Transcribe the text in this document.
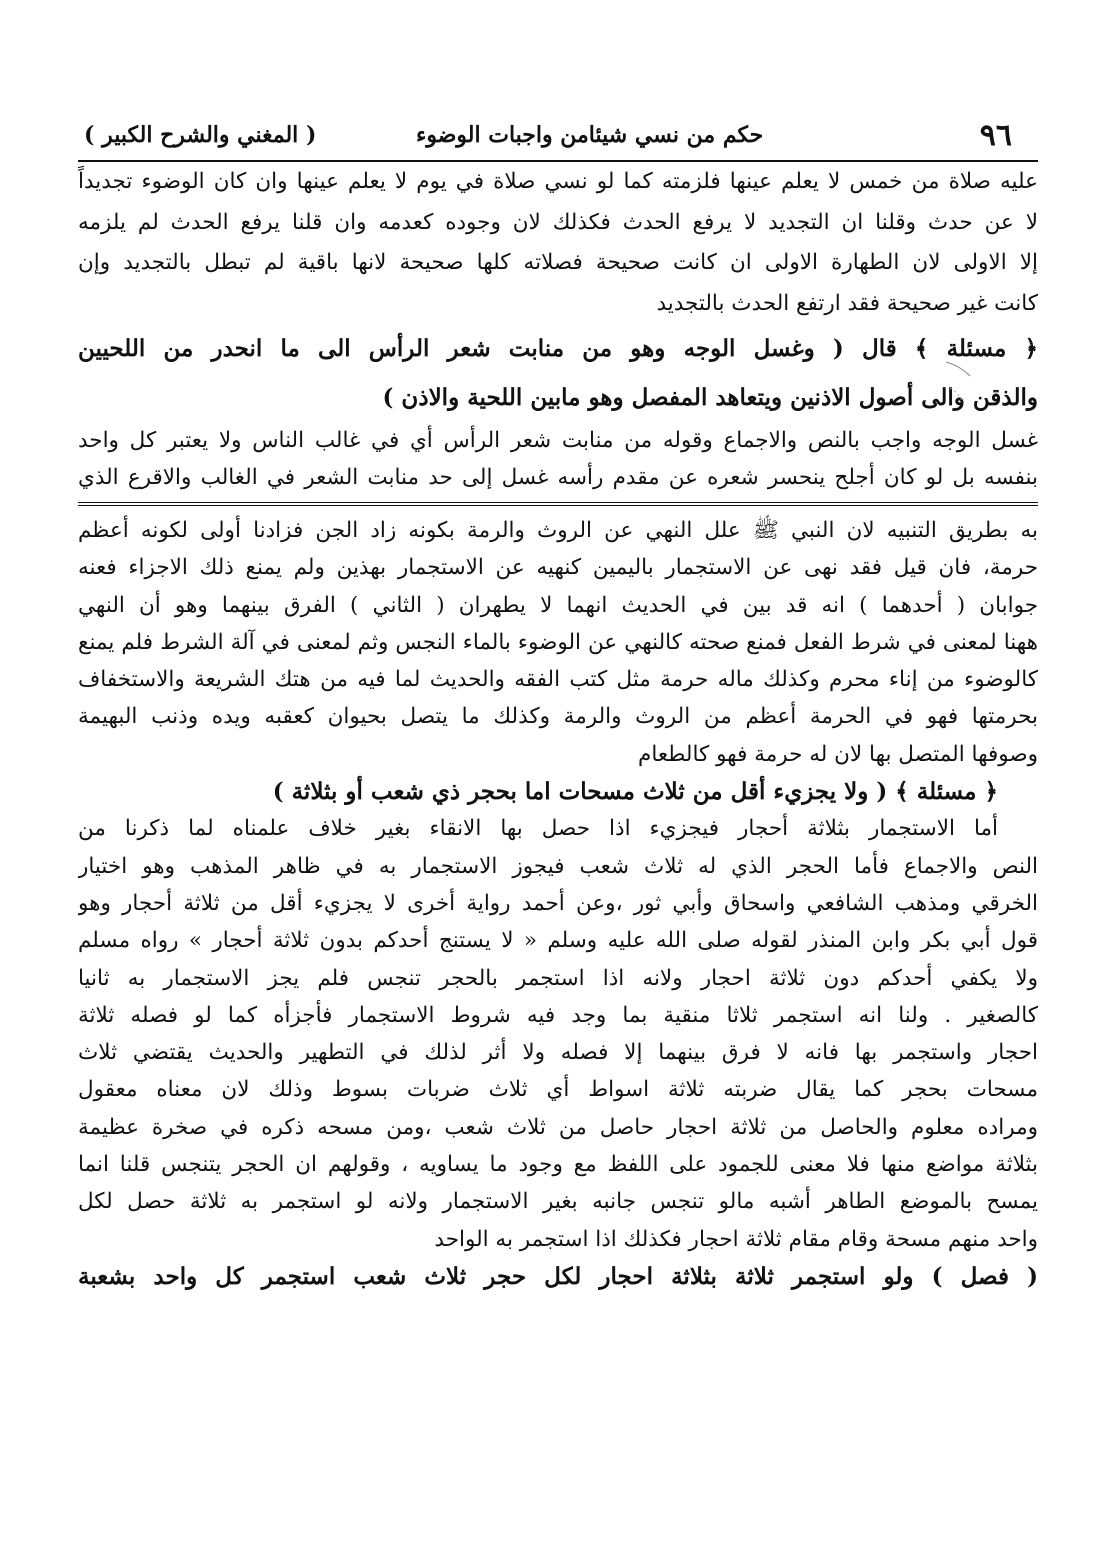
٩٦
حكم من نسي شيئامن واجبات الوضوء
( المغني والشرح الكبير )
عليه صلاة من خمس لا يعلم عينها فلزمته كما لو نسي صلاة في يوم لا يعلم عينها وان كان الوضوء تجديداً
لا عن حدث وقلنا ان التجديد لا يرفع الحدث فكذلك لان وجوده كعدمه وان قلنا يرفع الحدث لم يلزمه
إلا الاولى لان الطهارة الاولى ان كانت صحيحة فصلاته كلها صحيحة لانها باقية لم تبطل بالتجديد وإن
كانت غير صحيحة فقد ارتفع الحدث بالتجديد
﴿ مسئلة ﴾ قال ( وغسل الوجه وهو من منابت شعر الرأس الى ما انحدر من اللحيين
والذقن والى أصول الاذنين ويتعاهد المفصل وهو مابين اللحية والاذن )
غسل الوجه واجب بالنص والاجماع وقوله من منابت شعر الرأس أي في غالب الناس ولا يعتبر كل واحد
بنفسه بل لو كان أجلح ينحسر شعره عن مقدم رأسه غسل إلى حد منابت الشعر في الغالب والاقرع الذي
به بطريق التنبيه لان النبي ﷺ علل النهي عن الروث والرمة بكونه زاد الجن فزادنا أولى لكونه أعظم
حرمة، فان قيل فقد نهى عن الاستجمار باليمين كنهيه عن الاستجمار بهذين ولم يمنع ذلك الاجزاء فعنه
جوابان ( أحدهما ) انه قد بين في الحديث انهما لا يطهران ( الثاني ) الفرق بينهما وهو أن النهي
ههنا لمعنى في شرط الفعل فمنع صحته كالنهي عن الوضوء بالماء النجس وثم لمعنى في آلة الشرط فلم يمنع
كالوضوء من إناء محرم وكذلك ماله حرمة مثل كتب الفقه والحديث لما فيه من هتك الشريعة والاستخفاف
بحرمتها فهو في الحرمة أعظم من الروث والرمة وكذلك ما يتصل بحيوان كعقبه ويده وذنب البهيمة
وصوفها المتصل بها لان له حرمة فهو كالطعام
﴿ مسئلة ﴾ ( ولا يجزيء أقل من ثلاث مسحات اما بحجر ذي شعب أو بثلاثة )
أما الاستجمار بثلاثة أحجار فيجزيء اذا حصل بها الانقاء بغير خلاف علمناه لما ذكرنا من
النص والاجماع فأما الحجر الذي له ثلاث شعب فيجوز الاستجمار به في ظاهر المذهب وهو اختيار
الخرقي ومذهب الشافعي واسحاق وأبي ثور ،وعن أحمد رواية أخرى لا يجزيء أقل من ثلاثة أحجار وهو
قول أبي بكر وابن المنذر لقوله صلى الله عليه وسلم « لا يستنج أحدكم بدون ثلاثة أحجار » رواه مسلم
ولا يكفي أحدكم دون ثلاثة احجار ولانه اذا استجمر بالحجر تنجس فلم يجز الاستجمار به ثانيا
كالصغير . ولنا انه استجمر ثلاثا منقية بما وجد فيه شروط الاستجمار فأجزأه كما لو فصله ثلاثة
احجار واستجمر بها فانه لا فرق بينهما إلا فصله ولا أثر لذلك في التطهير والحديث يقتضي ثلاث
مسحات بحجر كما يقال ضربته ثلاثة اسواط أي ثلاث ضربات بسوط وذلك لان معناه معقول
ومراده معلوم والحاصل من ثلاثة احجار حاصل من ثلاث شعب ،ومن مسحه ذكره في صخرة عظيمة
بثلاثة مواضع منها فلا معنى للجمود على اللفظ مع وجود ما يساويه ، وقولهم ان الحجر يتنجس قلنا انما
يمسح بالموضع الطاهر أشبه مالو تنجس جانبه بغير الاستجمار ولانه لو استجمر به ثلاثة حصل لكل
واحد منهم مسحة وقام مقام ثلاثة احجار فكذلك اذا استجمر به الواحد
( فصل ) ولو استجمر ثلاثة بثلاثة احجار لكل حجر ثلاث شعب استجمر كل واحد بشعبة
